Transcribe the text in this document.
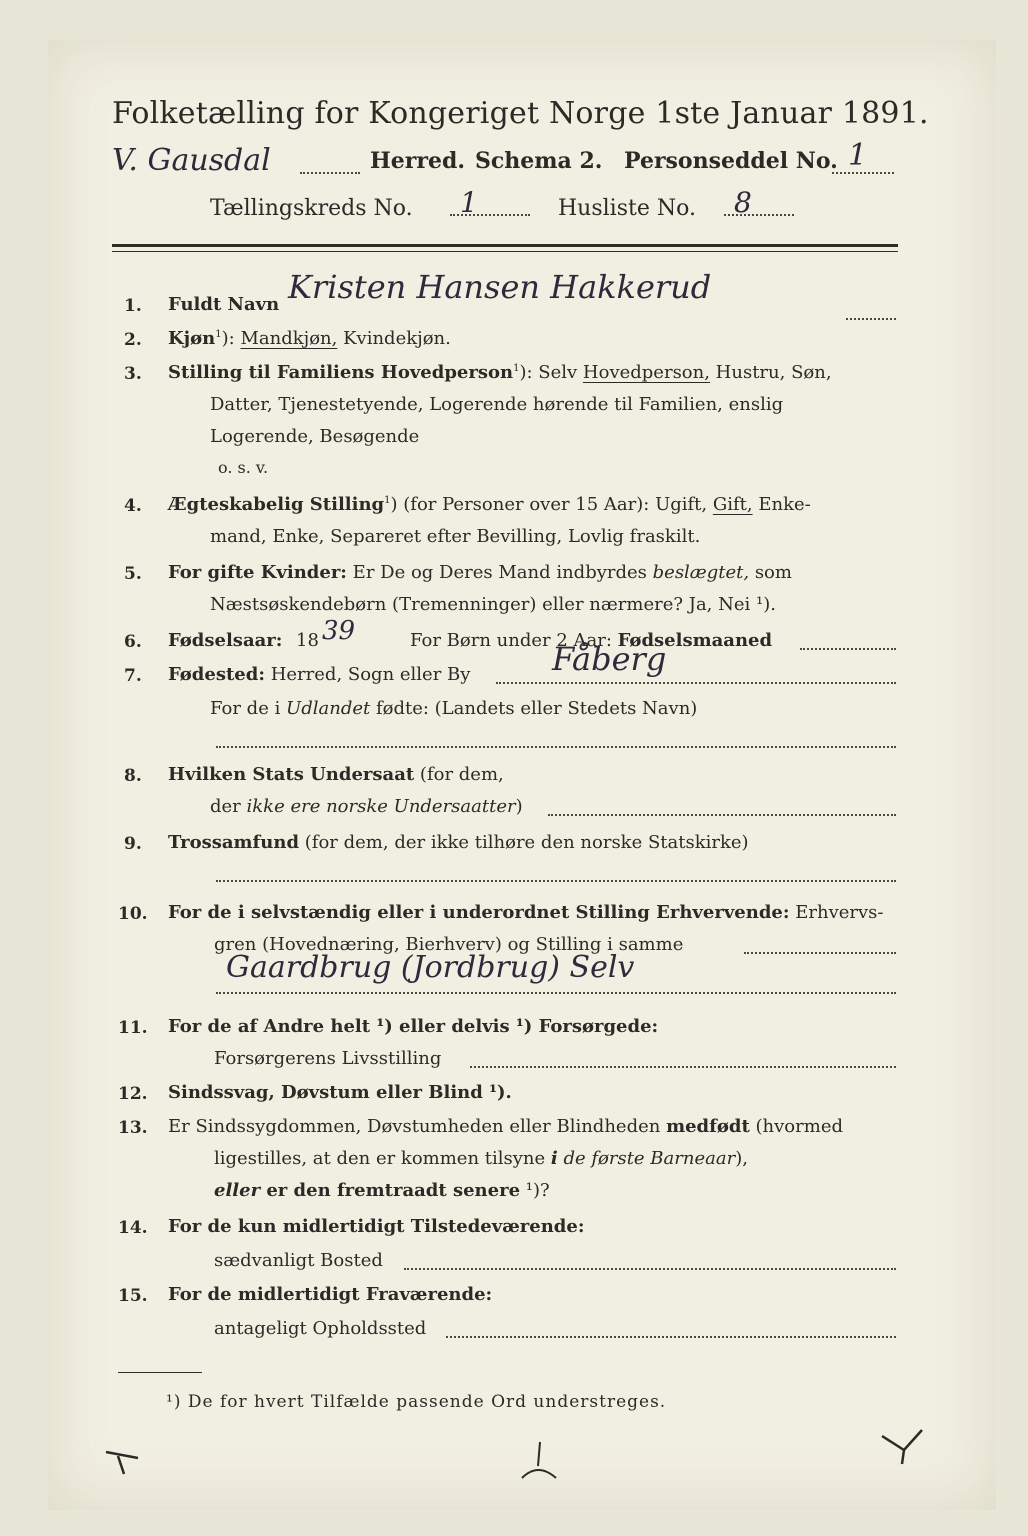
Folketælling for Kongeriget Norge 1ste Januar 1891.
V. Gausdal	Herred. Schema 2. Personseddel No. 1
Tællingskreds No. 1	Husliste No. 8
1. Fuldt Navn Kristen Hansen Hakkerud
2. Kjøn$^1$): Mandkjøn, Kvindekjøn.
3. Stilling til Familiens Hovedperson$^1$): Selv Hovedperson, Hustru, Søn,
Datter, Tjenestetyende, Logerende hørende til Familien, enslig
Logerende, Besøgende
o. s. v.
4. Ægteskabelig Stilling$^1$) (for Personer over 15 Aar): Ugift, Gift, Enke-
mand, Enke, Separeret efter Bevilling, Lovlig fraskilt.
5. For gifte Kvinder: Er De og Deres Mand indbyrdes beslægtet, som
Næstsøskendebørn (Tremenninger) eller nærmere? Ja, Nei ¹).
6. Fødselsaar: 18 39	For Børn under 2 Aar: Fødselsmaaned
7. Fødested: Herred, Sogn eller By	Fåberg
For de i Udlandet fødte: (Landets eller Stedets Navn)
8. Hvilken Stats Undersaat (for dem,
der ikke ere norske Undersaatter)
9. Trossamfund (for dem, der ikke tilhøre den norske Statskirke)
10. For de i selvstændig eller i underordnet Stilling Erhvervende: Erhvervs-
gren (Hovednæring, Bierhverv) og Stilling i samme
Gaardbrug (Jordbrug) Selv
11. For de af Andre helt ¹) eller delvis ¹) Forsørgede:
Forsørgerens Livsstilling
12. Sindssvag, Døvstum eller Blind ¹).
13. Er Sindssygdommen, Døvstumheden eller Blindheden medfødt (hvormed
ligestilles, at den er kommen tilsyne i de første Barneaar),
eller er den fremtraadt senere ¹)?
14. For de kun midlertidigt Tilstedeværende:
sædvanligt Bosted
15. For de midlertidigt Fraværende:
antageligt Opholdssted
¹) De for hvert Tilfælde passende Ord understreges.
